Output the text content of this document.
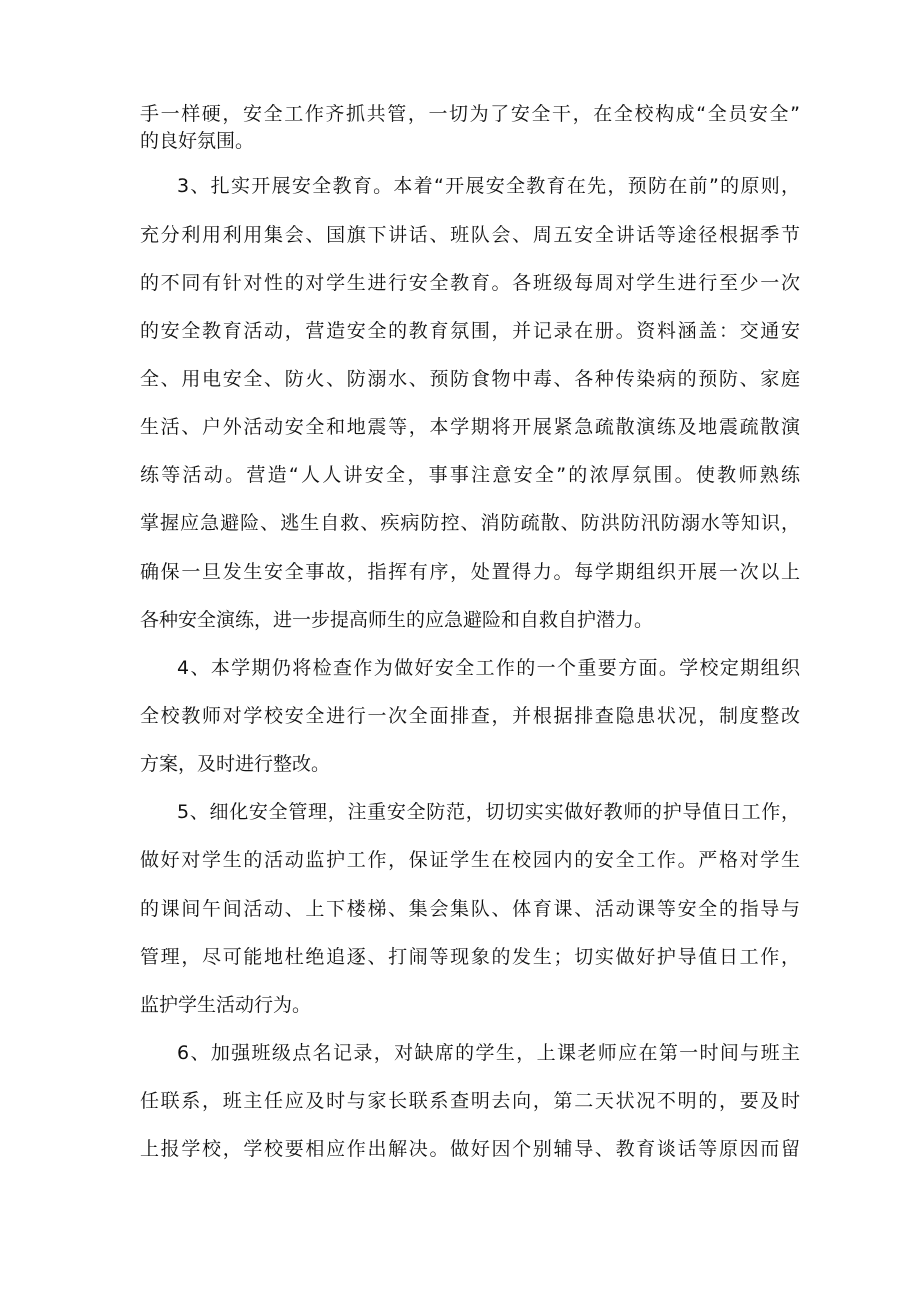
手一样硬，安全工作齐抓共管，一切为了安全干，在全校构成“全员安全”

的良好氛围。

3、扎实开展安全教育。本着“开展安全教育在先，预防在前”的原则，

充分利用利用集会、国旗下讲话、班队会、周五安全讲话等途径根据季节

的不同有针对性的对学生进行安全教育。各班级每周对学生进行至少一次

的安全教育活动，营造安全的教育氛围，并记录在册。资料涵盖：交通安

全、用电安全、防火、防溺水、预防食物中毒、各种传染病的预防、家庭

生活、户外活动安全和地震等，本学期将开展紧急疏散演练及地震疏散演

练等活动。营造“人人讲安全，事事注意安全”的浓厚氛围。使教师熟练

掌握应急避险、逃生自救、疾病防控、消防疏散、防洪防汛防溺水等知识，

确保一旦发生安全事故，指挥有序，处置得力。每学期组织开展一次以上

各种安全演练，进一步提高师生的应急避险和自救自护潜力。

4、本学期仍将检查作为做好安全工作的一个重要方面。学校定期组织

全校教师对学校安全进行一次全面排查，并根据排查隐患状况，制度整改

方案，及时进行整改。

5、细化安全管理，注重安全防范，切切实实做好教师的护导值日工作，

做好对学生的活动监护工作，保证学生在校园内的安全工作。严格对学生

的课间午间活动、上下楼梯、集会集队、体育课、活动课等安全的指导与

管理，尽可能地杜绝追逐、打闹等现象的发生；切实做好护导值日工作，

监护学生活动行为。

6、加强班级点名记录，对缺席的学生，上课老师应在第一时间与班主

任联系，班主任应及时与家长联系查明去向，第二天状况不明的，要及时

上报学校，学校要相应作出解决。做好因个别辅导、教育谈话等原因而留
